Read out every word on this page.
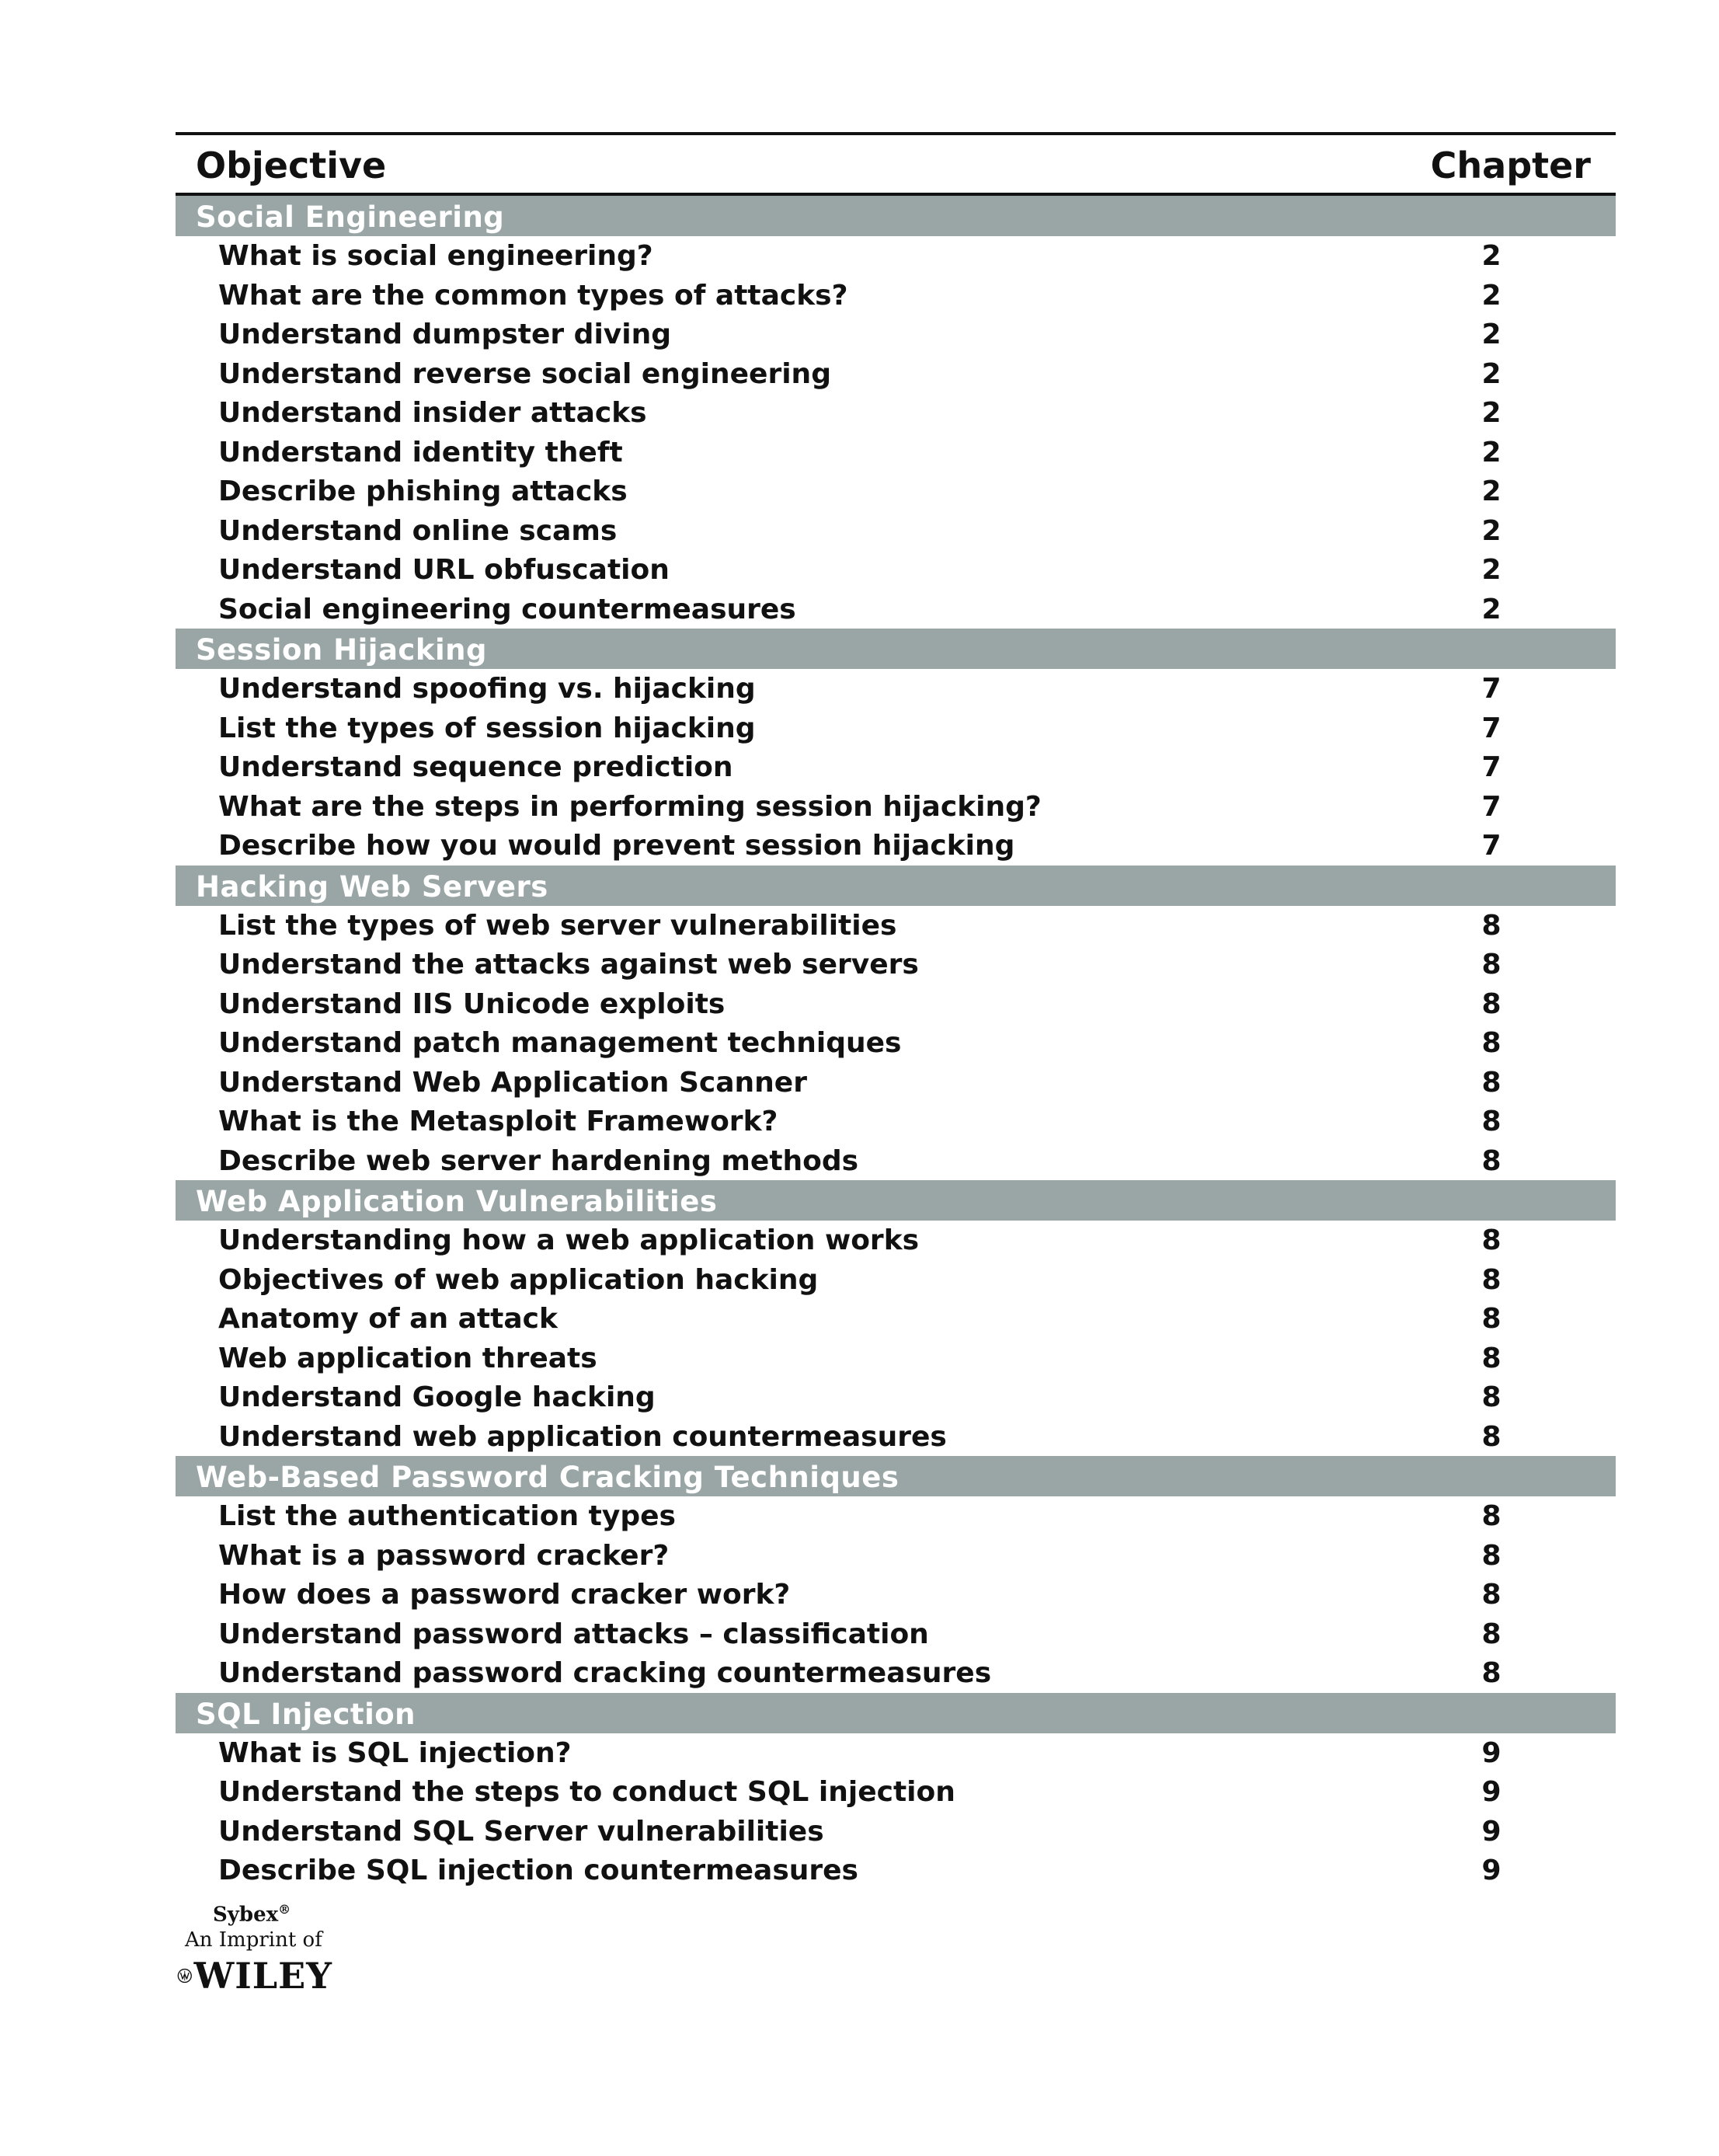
Objective	Chapter
Social Engineering
What is social engineering?	2
What are the common types of attacks?	2
Understand dumpster diving	2
Understand reverse social engineering	2
Understand insider attacks	2
Understand identity theft	2
Describe phishing attacks	2
Understand online scams	2
Understand URL obfuscation	2
Social engineering countermeasures	2
Session Hijacking
Understand spoofing vs. hijacking	7
List the types of session hijacking	7
Understand sequence prediction	7
What are the steps in performing session hijacking?	7
Describe how you would prevent session hijacking	7
Hacking Web Servers
List the types of web server vulnerabilities	8
Understand the attacks against web servers	8
Understand IIS Unicode exploits	8
Understand patch management techniques	8
Understand Web Application Scanner	8
What is the Metasploit Framework?	8
Describe web server hardening methods	8
Web Application Vulnerabilities
Understanding how a web application works	8
Objectives of web application hacking	8
Anatomy of an attack	8
Web application threats	8
Understand Google hacking	8
Understand web application countermeasures	8
Web-Based Password Cracking Techniques
List the authentication types	8
What is a password cracker?	8
How does a password cracker work?	8
Understand password attacks – classification	8
Understand password cracking countermeasures	8
SQL Injection
What is SQL injection?	9
Understand the steps to conduct SQL injection	9
Understand SQL Server vulnerabilities	9
Describe SQL injection countermeasures	9
Sybex®
An Imprint of
WILEY
